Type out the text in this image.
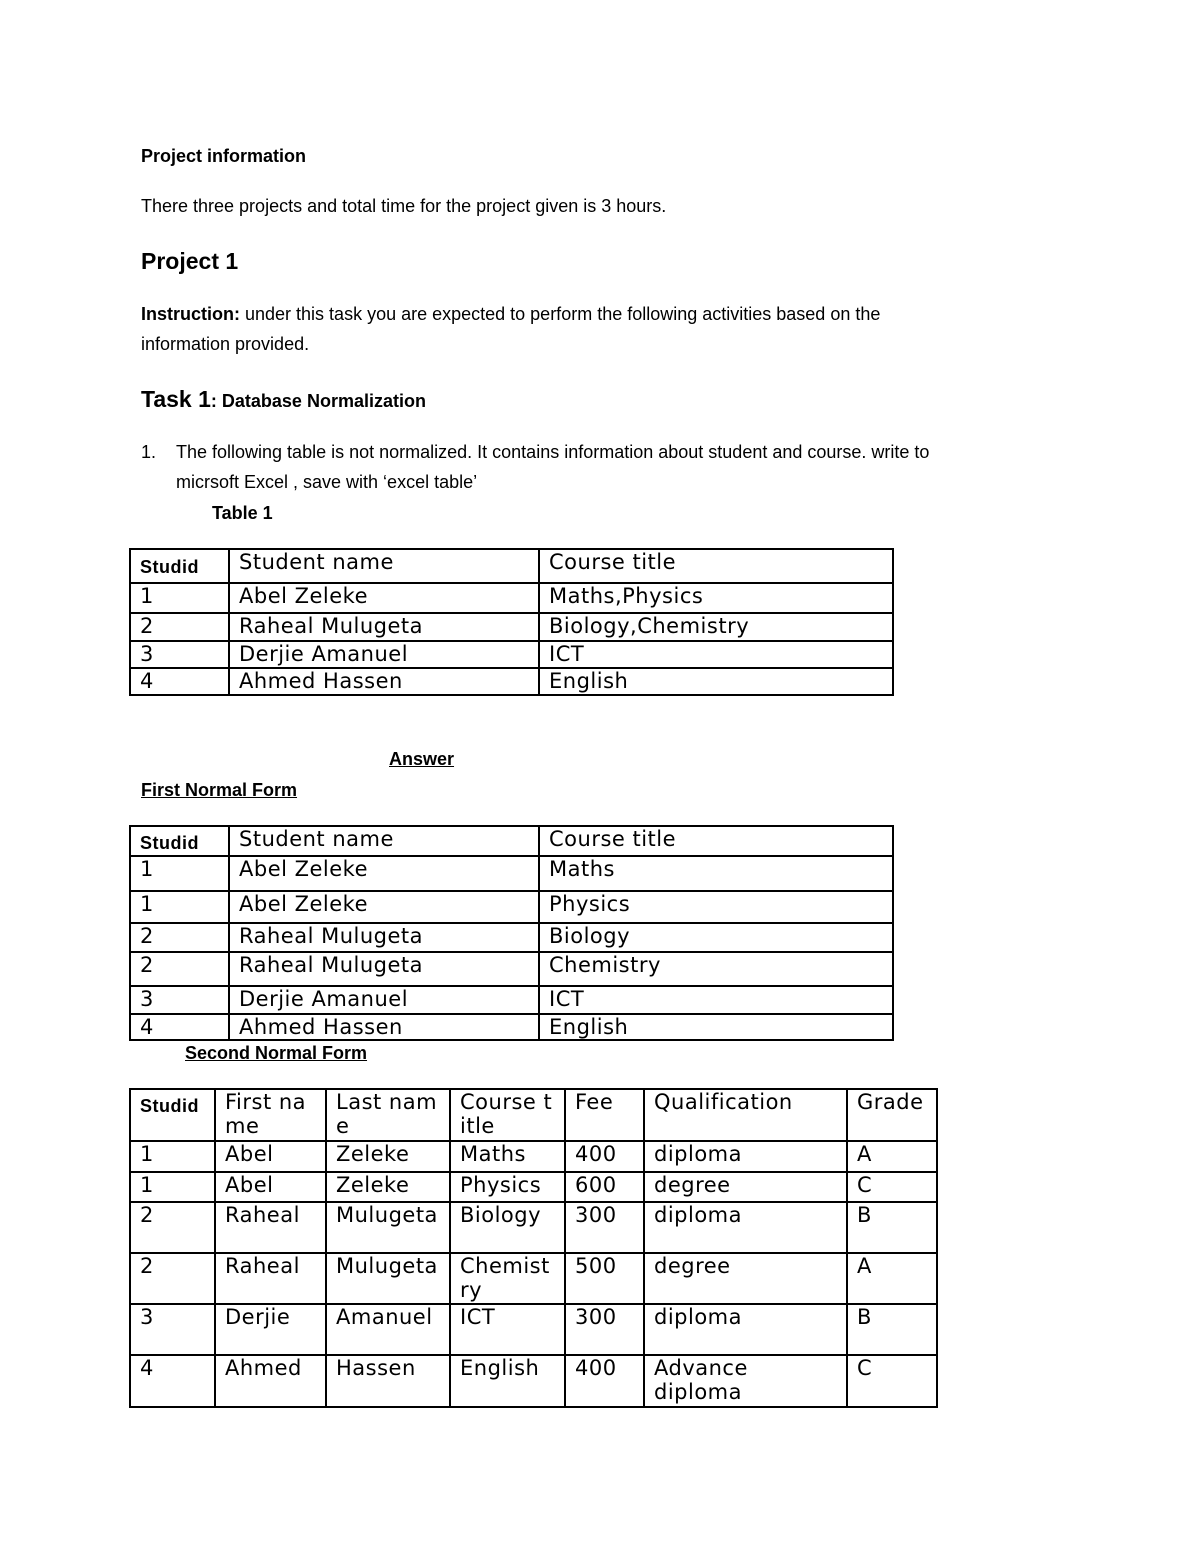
Project information
There three projects and total time for the project given is 3 hours.
Project 1
Instruction: under this task you are expected to perform the following activities based on the
information provided.
Task 1: Database Normalization
1. The following table is not normalized. It contains information about student and course. write to
micrsoft Excel , save with ‘excel table’
Table 1
Studid	Student name	Course title
1	Abel Zeleke	Maths,Physics
2	Raheal Mulugeta	Biology,Chemistry
3	Derjie Amanuel	ICT
4	Ahmed Hassen	English
Answer
First Normal Form
Studid	Student name	Course title
1	Abel Zeleke	Maths
1	Abel Zeleke	Physics
2	Raheal Mulugeta	Biology
2	Raheal Mulugeta	Chemistry
3	Derjie Amanuel	ICT
4	Ahmed Hassen	English
Second Normal Form
Studid	First name	Last name	Course title	Fee	Qualification	Grade
1	Abel	Zeleke	Maths	400	diploma	A
1	Abel	Zeleke	Physics	600	degree	C
2	Raheal	Mulugeta	Biology	300	diploma	B
2	Raheal	Mulugeta	Chemistry	500	degree	A
3	Derjie	Amanuel	ICT	300	diploma	B
4	Ahmed	Hassen	English	400	Advance diploma	C
